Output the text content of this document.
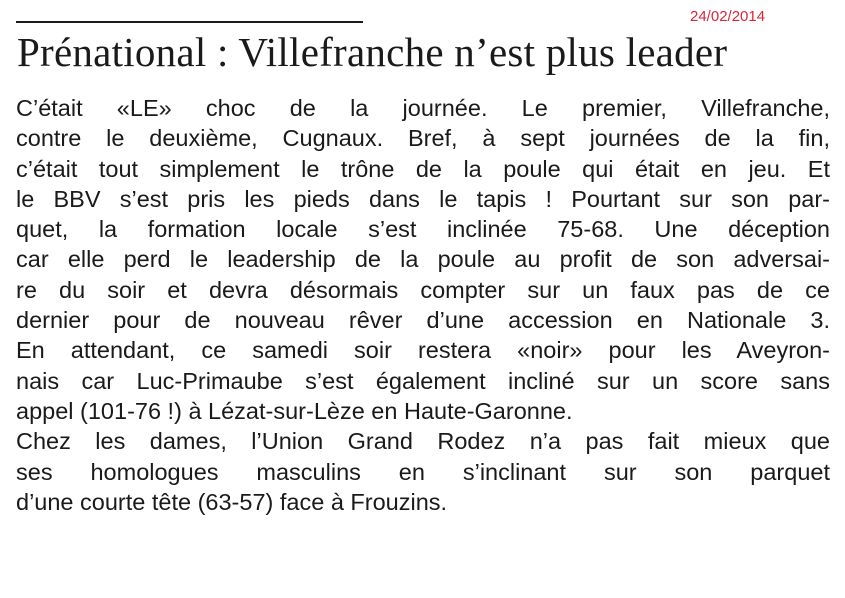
24/02/2014
Prénational : Villefranche n’est plus leader
C’était «LE» choc de la journée. Le premier, Villefranche,
contre le deuxième, Cugnaux. Bref, à sept journées de la fin,
c’était tout simplement le trône de la poule qui était en jeu. Et
le BBV s’est pris les pieds dans le tapis ! Pourtant sur son par-
quet, la formation locale s’est inclinée 75-68. Une déception
car elle perd le leadership de la poule au profit de son adversai-
re du soir et devra désormais compter sur un faux pas de ce
dernier pour de nouveau rêver d’une accession en Nationale 3.
En attendant, ce samedi soir restera «noir» pour les Aveyron-
nais car Luc-Primaube s’est également incliné sur un score sans
appel (101-76 !) à Lézat-sur-Lèze en Haute-Garonne.
Chez les dames, l’Union Grand Rodez n’a pas fait mieux que
ses homologues masculins en s’inclinant sur son parquet
d’une courte tête (63-57) face à Frouzins.
